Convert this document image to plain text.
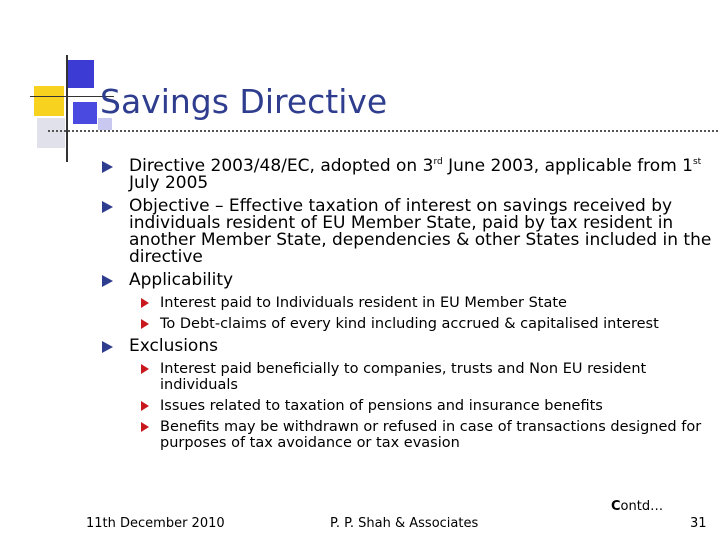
Savings Directive
Directive 2003/48/EC, adopted on 3rd June 2003, applicable from 1st July 2005
Objective – Effective taxation of interest on savings received by individuals resident of EU Member State, paid by tax resident in another Member State, dependencies & other States included in the directive
Applicability
Interest paid to Individuals resident in EU Member State
To Debt-claims of every kind including accrued & capitalised interest
Exclusions
Interest paid beneficially to companies, trusts and Non EU resident individuals
Issues related to taxation of pensions and insurance benefits
Benefits may be withdrawn or refused in case of transactions designed for purposes of tax avoidance or tax evasion
Contd…
11th December 2010	P. P. Shah & Associates	31
